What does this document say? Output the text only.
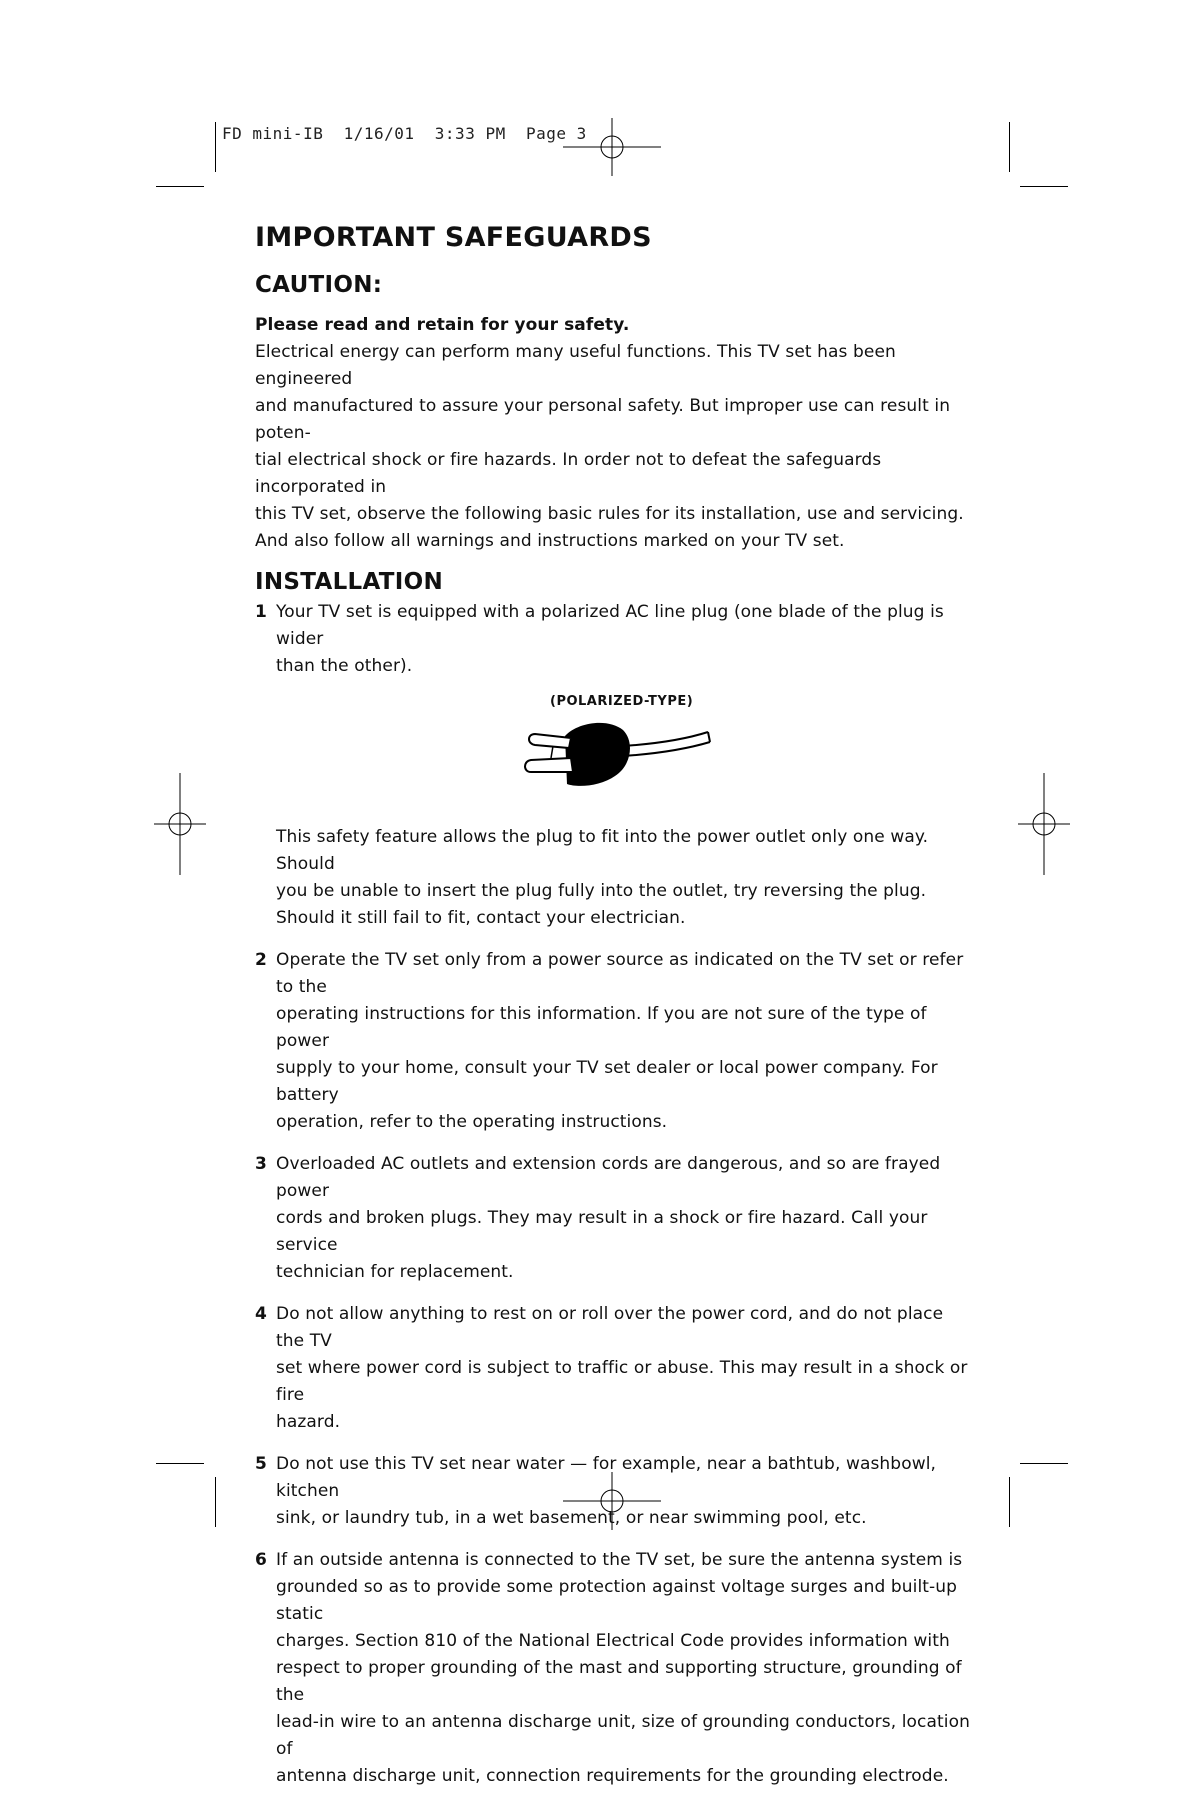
FD mini-IB  1/16/01  3:33 PM  Page 3
IMPORTANT SAFEGUARDS
CAUTION:

Please read and retain for your safety.

Electrical energy can perform many useful functions. This TV set has been engineered
and manufactured to assure your personal safety. But improper use can result in poten-
tial electrical shock or fire hazards. In order not to defeat the safeguards incorporated in
this TV set, observe the following basic rules for its installation, use and servicing.
And also follow all warnings and instructions marked on your TV set.
INSTALLATION
1 Your TV set is equipped with a polarized AC line plug (one blade of the plug is wider
than the other).
(POLARIZED-TYPE)
This safety feature allows the plug to fit into the power outlet only one way. Should
you be unable to insert the plug fully into the outlet, try reversing the plug.
Should it still fail to fit, contact your electrician.
2 Operate the TV set only from a power source as indicated on the TV set or refer to the
operating instructions for this information. If you are not sure of the type of power
supply to your home, consult your TV set dealer or local power company. For battery
operation, refer to the operating instructions.
3 Overloaded AC outlets and extension cords are dangerous, and so are frayed power
cords and broken plugs. They may result in a shock or fire hazard. Call your service
technician for replacement.
4 Do not allow anything to rest on or roll over the power cord, and do not place the TV
set where power cord is subject to traffic or abuse. This may result in a shock or fire
hazard.
5 Do not use this TV set near water — for example, near a bathtub, washbowl, kitchen
sink, or laundry tub, in a wet basement, or near swimming pool, etc.
6 If an outside antenna is connected to the TV set, be sure the antenna system is
grounded so as to provide some protection against voltage surges and built-up static
charges. Section 810 of the National Electrical Code provides information with
respect to proper grounding of the mast and supporting structure, grounding of the
lead-in wire to an antenna discharge unit, size of grounding conductors, location of
antenna discharge unit, connection requirements for the grounding electrode.
